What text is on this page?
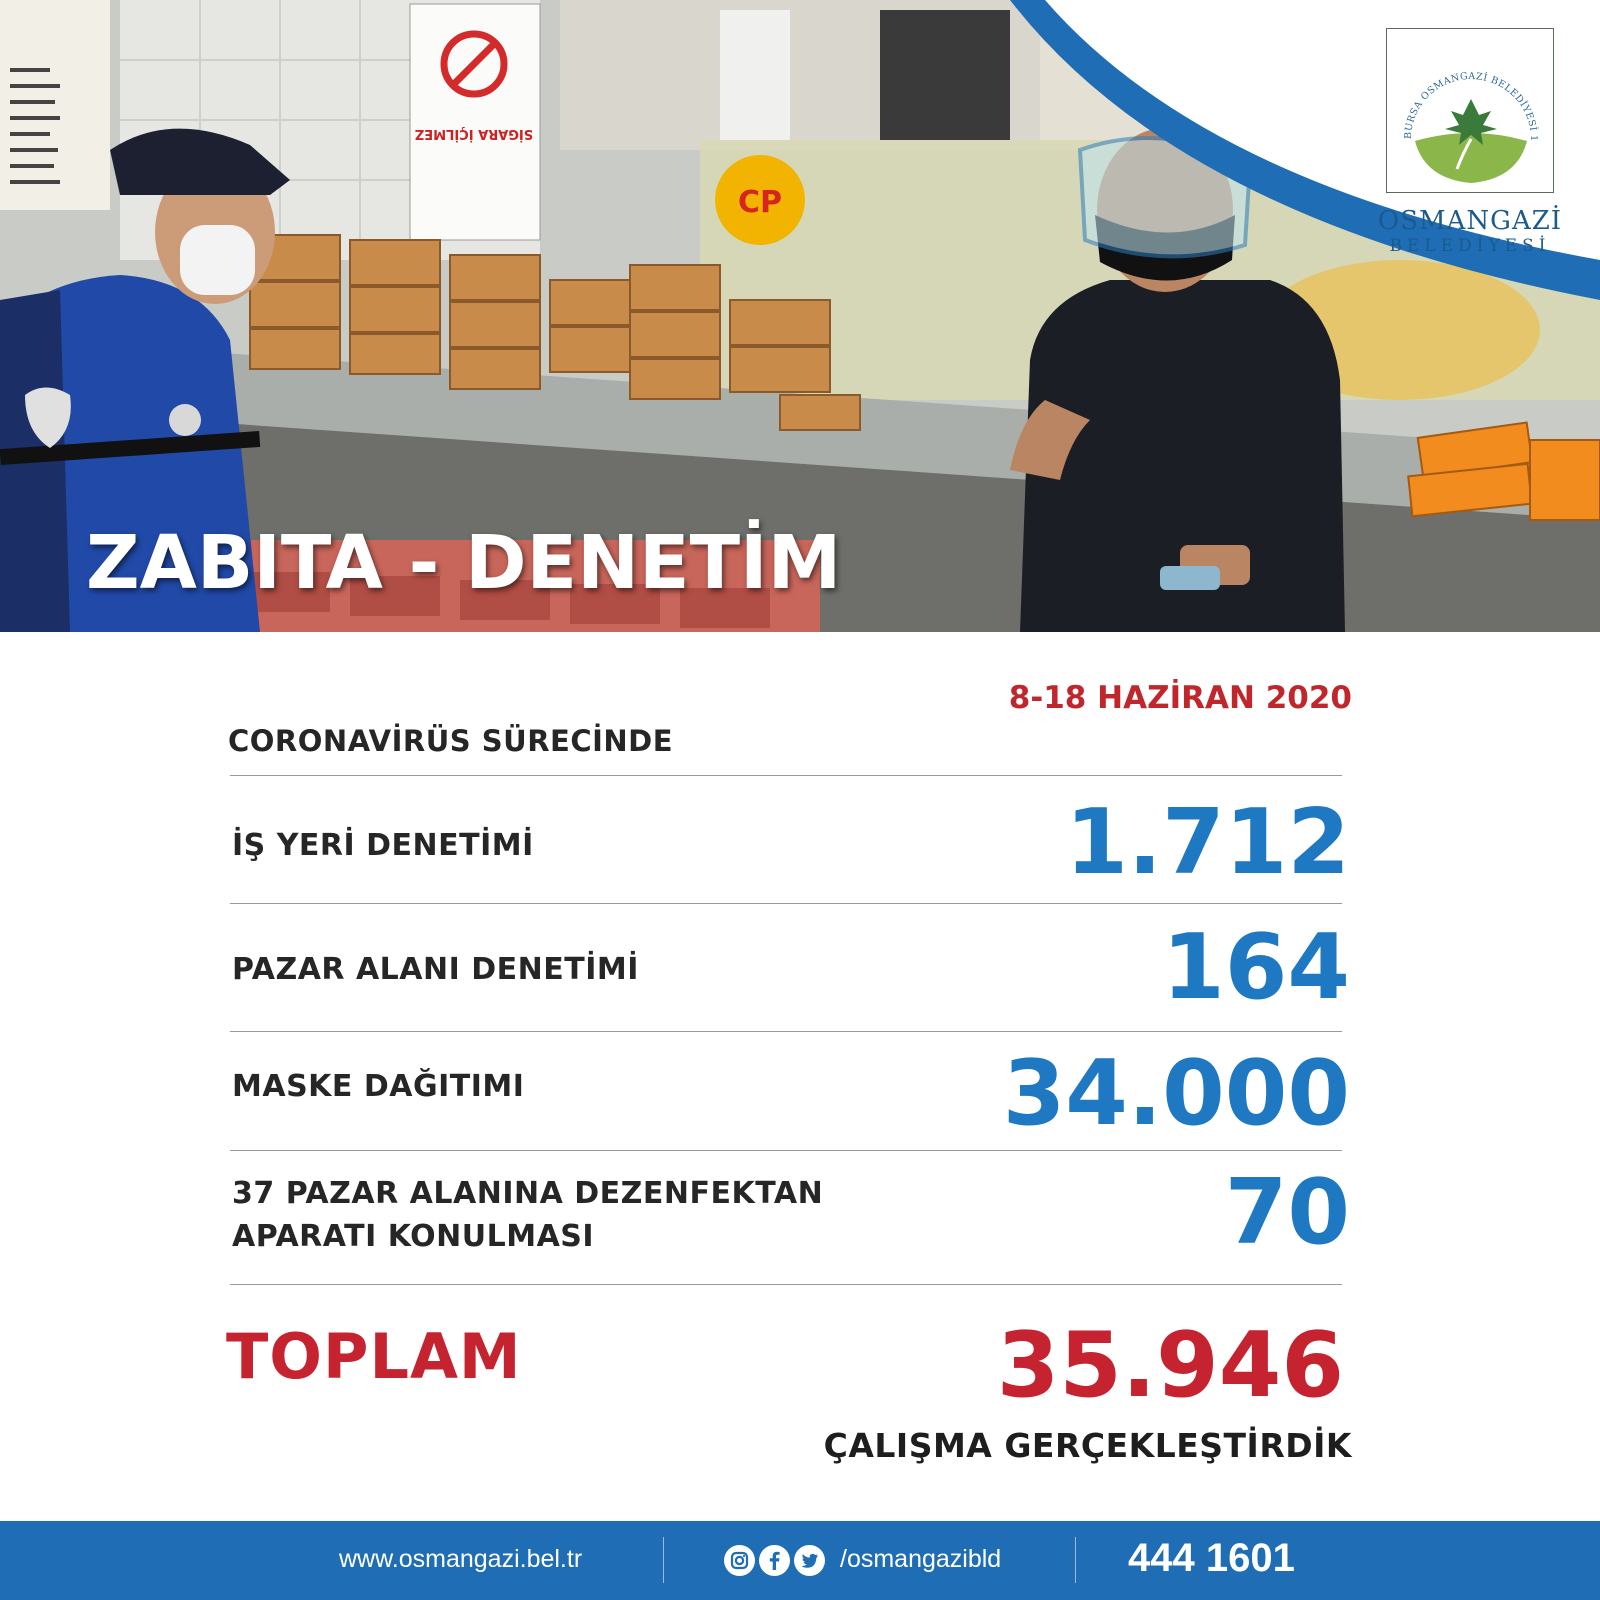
SİGARA İÇİLMEZ
CP
BURSA OSMANGAZİ BELEDİYESİ 1
OSMANGAZİ
BELEDİYESİ
ZABITA - DENETİM
8-18 HAZİRAN 2020
CORONAVİRÜS SÜRECİNDE
İŞ YERİ DENETİMİ	1.712
PAZAR ALANI DENETİMİ	164
MASKE DAĞITIMI	34.000
37 PAZAR ALANINA DEZENFEKTAN
APARATI KONULMASI	70
TOPLAM	35.946
ÇALIŞMA GERÇEKLEŞTİRDİK
www.osmangazi.bel.tr	/osmangazibld	444 1601
